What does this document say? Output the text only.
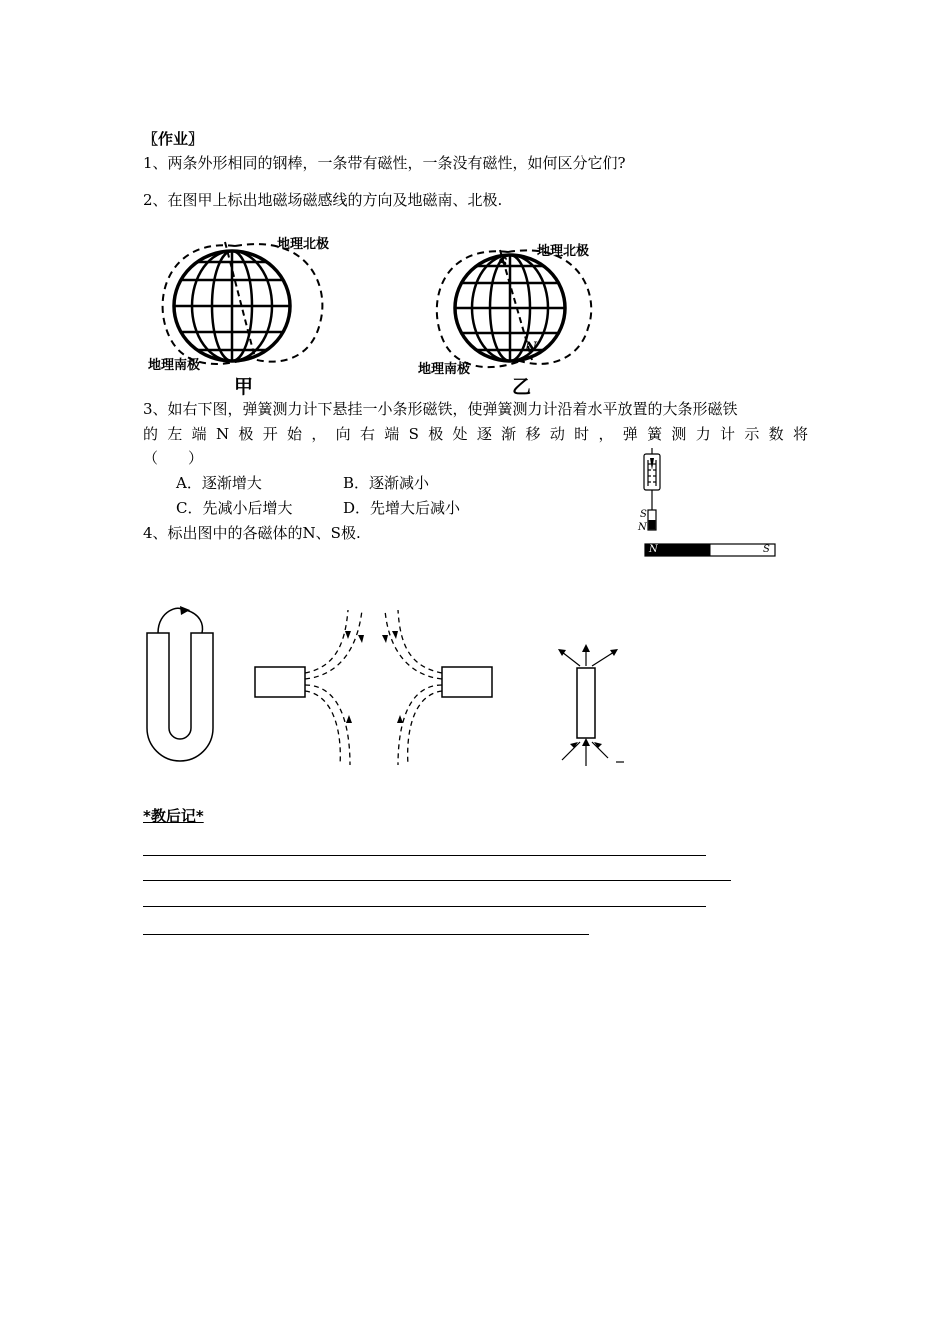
〖作业〗
1、两条外形相同的钢棒，一条带有磁性，一条没有磁性，如何区分它们?
2、在图甲上标出地磁场磁感线的方向及地磁南、北极.
地理北极
地理南极
甲
地理北极
地理南极
S
N
乙
3、如右下图，弹簧测力计下悬挂一小条形磁铁，使弹簧测力计沿着水平放置的大条形磁铁
的左端N极开始，向右端S极处逐渐移动时，弹簧测力计示数将
（　　）
A．逐渐增大	B．逐渐减小
C．先减小后增大	D．先增大后减小	S
N
N	S
4、标出图中的各磁体的N、S极.
*教后记*
